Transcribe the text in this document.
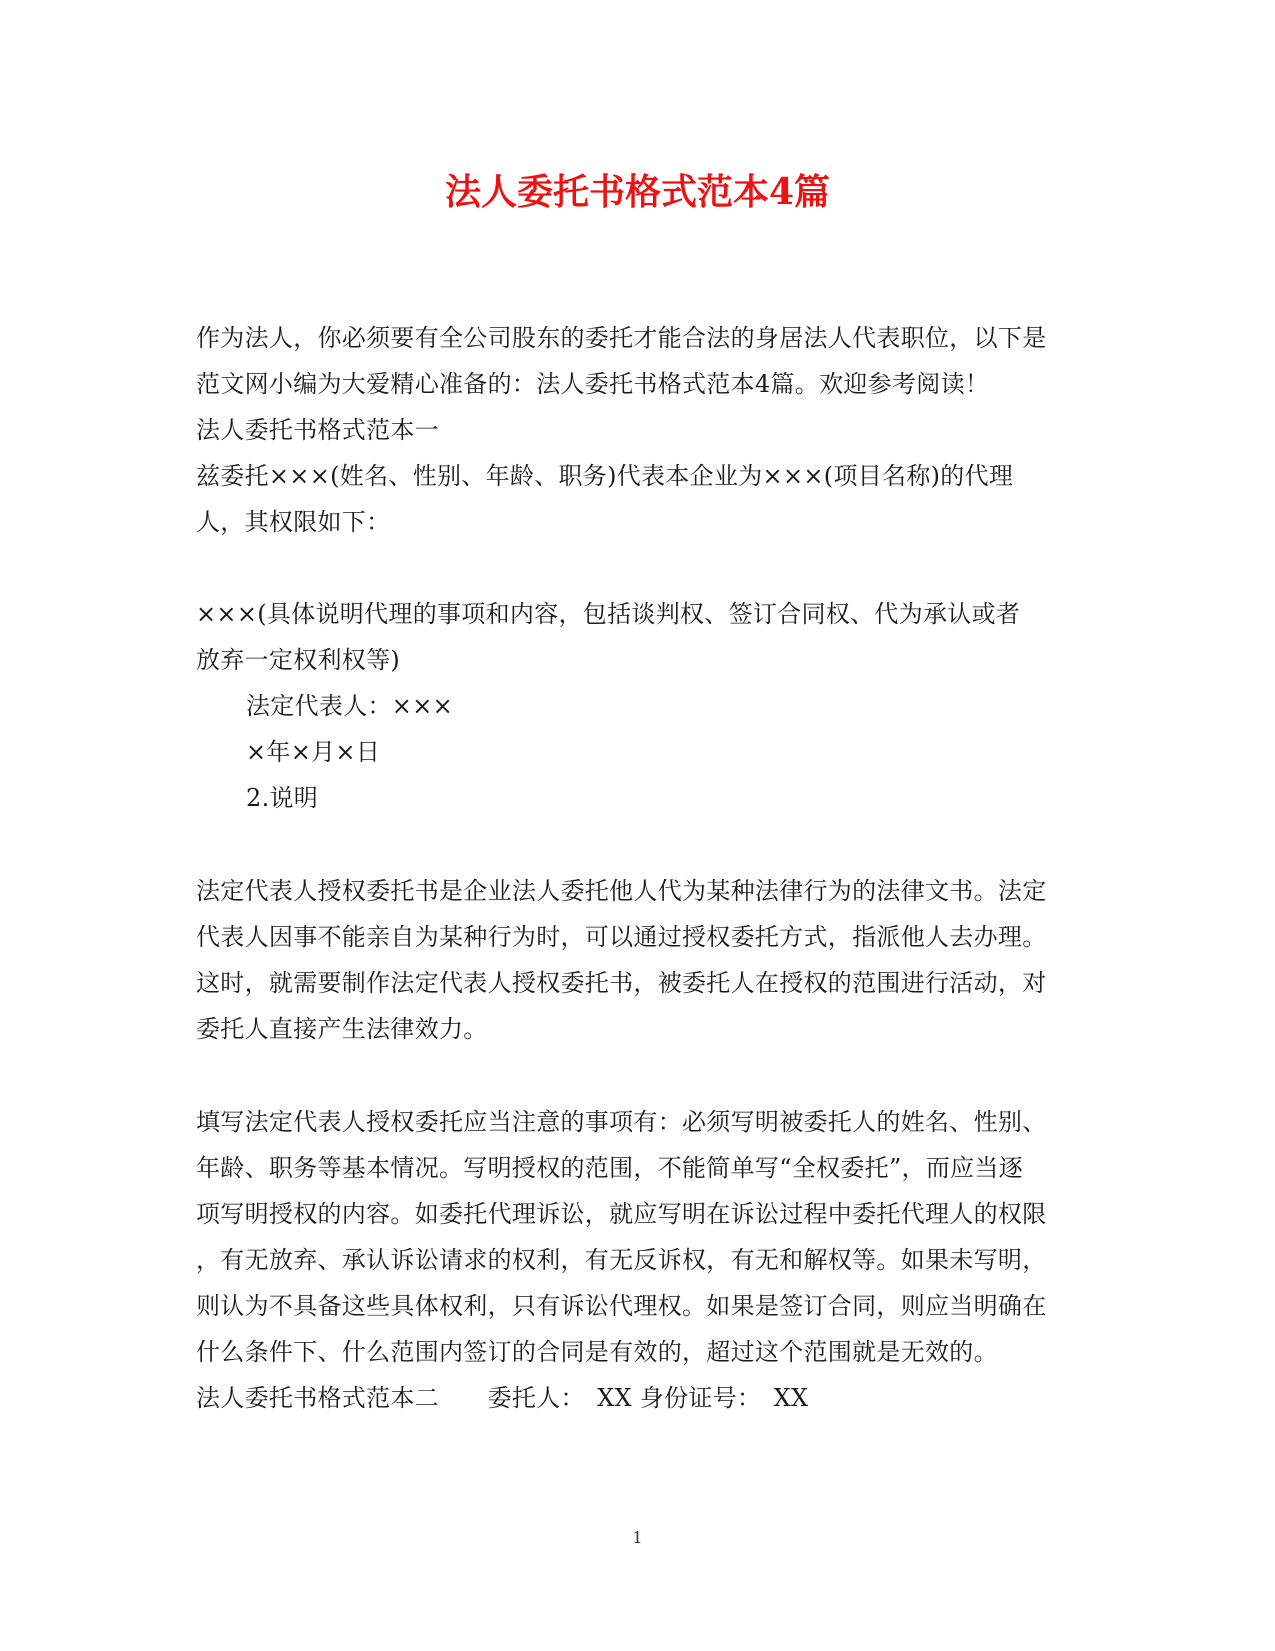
法人委托书格式范本4篇
作为法人，你必须要有全公司股东的委托才能合法的身居法人代表职位，以下是
范文网小编为大爱精心准备的：法人委托书格式范本4篇。欢迎参考阅读！
法人委托书格式范本一
兹委托×××(姓名、性别、年龄、职务)代表本企业为×××(项目名称)的代理
人，其权限如下：
×××(具体说明代理的事项和内容，包括谈判权、签订合同权、代为承认或者
放弃一定权利权等)
法定代表人：×××
×年×月×日
2.说明
法定代表人授权委托书是企业法人委托他人代为某种法律行为的法律文书。法定
代表人因事不能亲自为某种行为时，可以通过授权委托方式，指派他人去办理。
这时，就需要制作法定代表人授权委托书，被委托人在授权的范围进行活动，对
委托人直接产生法律效力。
填写法定代表人授权委托应当注意的事项有：必须写明被委托人的姓名、性别、
年龄、职务等基本情况。写明授权的范围，不能简单写“全权委托”，而应当逐
项写明授权的内容。如委托代理诉讼，就应写明在诉讼过程中委托代理人的权限
，有无放弃、承认诉讼请求的权利，有无反诉权，有无和解权等。如果未写明，
则认为不具备这些具体权利，只有诉讼代理权。如果是签订合同，则应当明确在
什么条件下、什么范围内签订的合同是有效的，超过这个范围就是无效的。
法人委托书格式范本二　　委托人：　XX 身份证号：　XX
1
